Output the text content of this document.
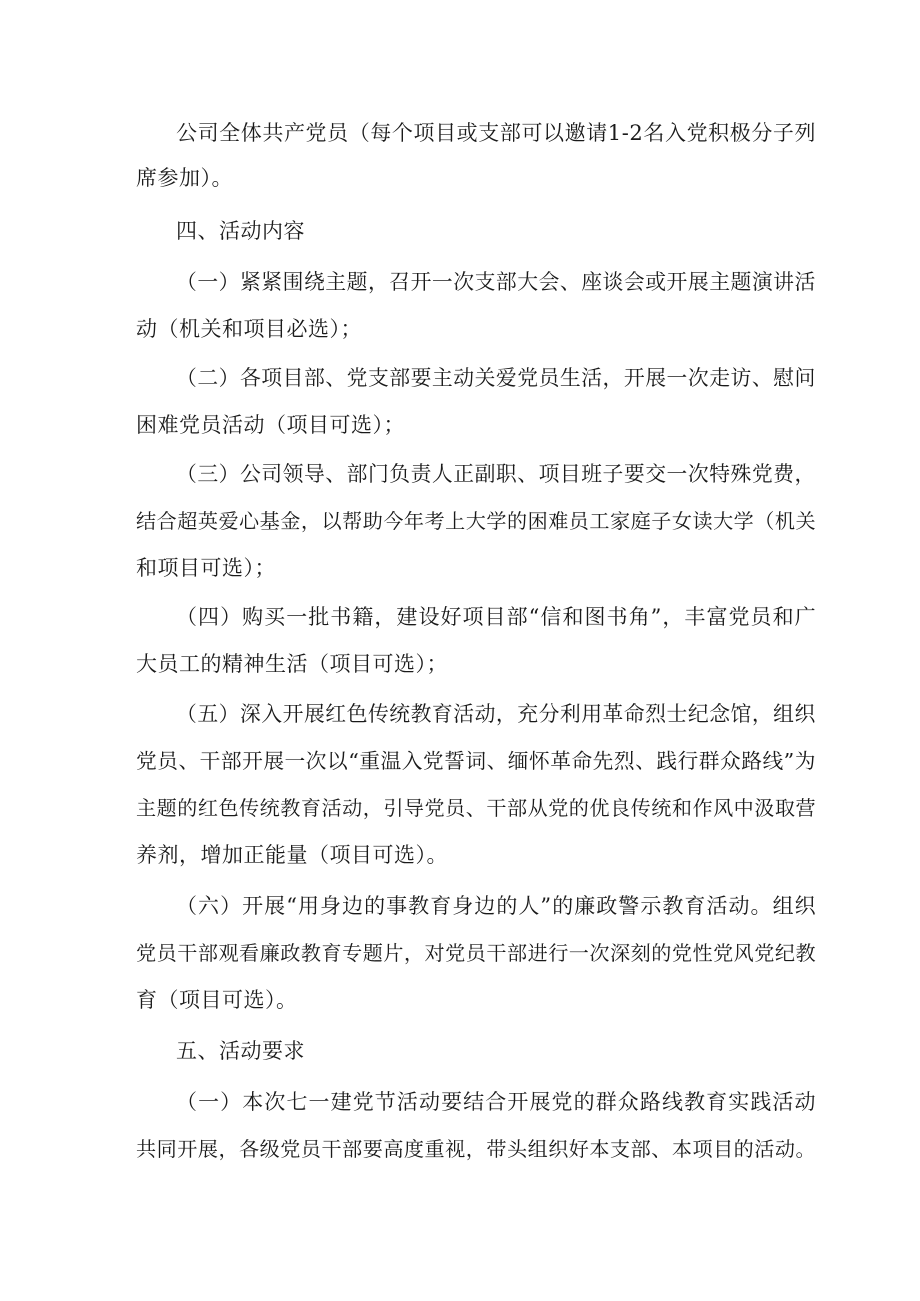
公司全体共产党员（每个项目或支部可以邀请1-2名入党积极分子列
席参加）。
四、活动内容
（一）紧紧围绕主题，召开一次支部大会、座谈会或开展主题演讲活
动（机关和项目必选）；
（二）各项目部、党支部要主动关爱党员生活，开展一次走访、慰问
困难党员活动（项目可选）；
（三）公司领导、部门负责人正副职、项目班子要交一次特殊党费，
结合超英爱心基金，以帮助今年考上大学的困难员工家庭子女读大学（机关
和项目可选）；
（四）购买一批书籍，建设好项目部“信和图书角”，丰富党员和广
大员工的精神生活（项目可选）；
（五）深入开展红色传统教育活动，充分利用革命烈士纪念馆，组织
党员、干部开展一次以“重温入党誓词、缅怀革命先烈、践行群众路线”为
主题的红色传统教育活动，引导党员、干部从党的优良传统和作风中汲取营
养剂，增加正能量（项目可选）。
（六）开展“用身边的事教育身边的人”的廉政警示教育活动。组织
党员干部观看廉政教育专题片，对党员干部进行一次深刻的党性党风党纪教
育（项目可选）。
五、活动要求
（一）本次七一建党节活动要结合开展党的群众路线教育实践活动
共同开展，各级党员干部要高度重视，带头组织好本支部、本项目的活动。
